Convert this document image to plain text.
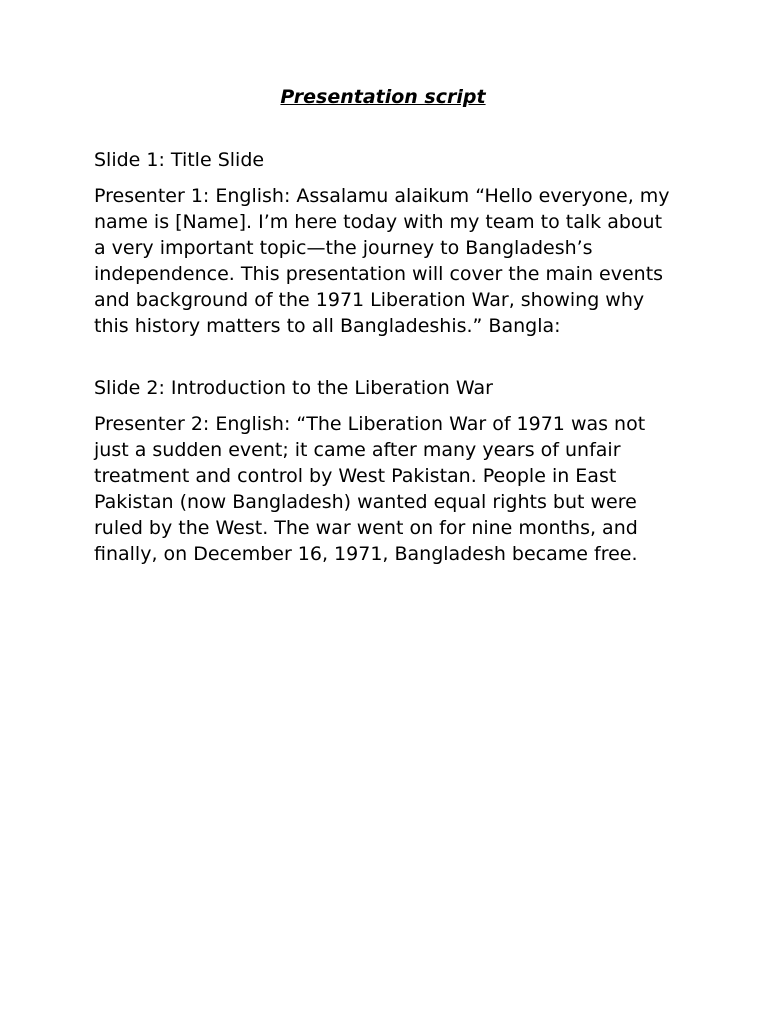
Presentation script

Slide 1: Title Slide

Presenter 1: English: Assalamu alaikum “Hello everyone, my name is [Name]. I’m here today with my team to talk about a very important topic—the journey to Bangladesh’s independence. This presentation will cover the main events and background of the 1971 Liberation War, showing why this history matters to all Bangladeshis.” Bangla:

Slide 2: Introduction to the Liberation War

Presenter 2: English: “The Liberation War of 1971 was not just a sudden event; it came after many years of unfair treatment and control by West Pakistan. People in East Pakistan (now Bangladesh) wanted equal rights but were ruled by the West. The war went on for nine months, and finally, on December 16, 1971, Bangladesh became free.
